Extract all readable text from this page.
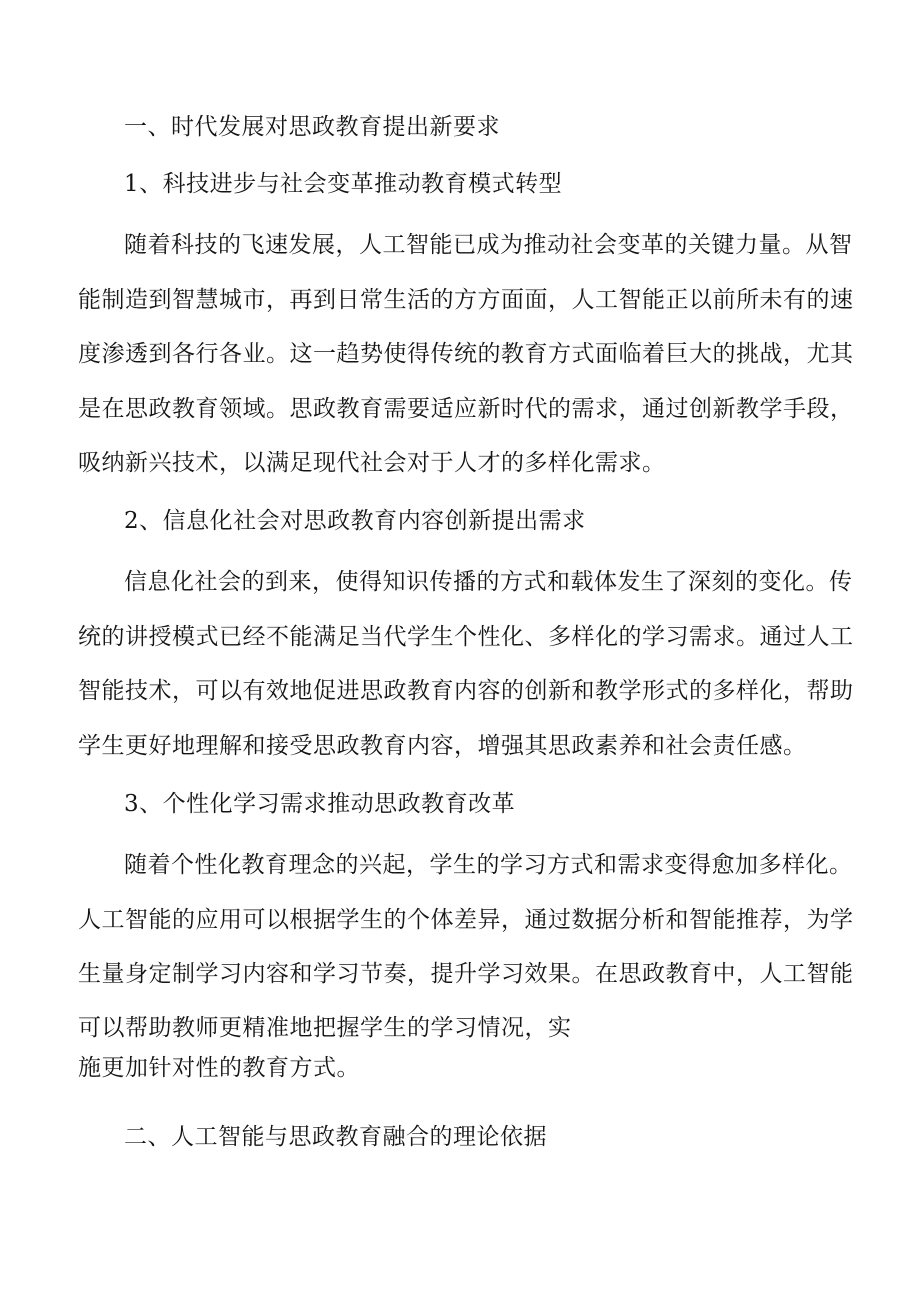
一、时代发展对思政教育提出新要求
1、科技进步与社会变革推动教育模式转型
随着科技的飞速发展，人工智能已成为推动社会变革的关键力量。从智
能制造到智慧城市，再到日常生活的方方面面，人工智能正以前所未有的速
度渗透到各行各业。这一趋势使得传统的教育方式面临着巨大的挑战，尤其
是在思政教育领域。思政教育需要适应新时代的需求，通过创新教学手段，
吸纳新兴技术，以满足现代社会对于人才的多样化需求。
2、信息化社会对思政教育内容创新提出需求
信息化社会的到来，使得知识传播的方式和载体发生了深刻的变化。传
统的讲授模式已经不能满足当代学生个性化、多样化的学习需求。通过人工
智能技术，可以有效地促进思政教育内容的创新和教学形式的多样化，帮助
学生更好地理解和接受思政教育内容，增强其思政素养和社会责任感。
3、个性化学习需求推动思政教育改革
随着个性化教育理念的兴起，学生的学习方式和需求变得愈加多样化。
人工智能的应用可以根据学生的个体差异，通过数据分析和智能推荐，为学
生量身定制学习内容和学习节奏，提升学习效果。在思政教育中，人工智能
可以帮助教师更精准地把握学生的学习情况，实
施更加针对性的教育方式。
二、人工智能与思政教育融合的理论依据
